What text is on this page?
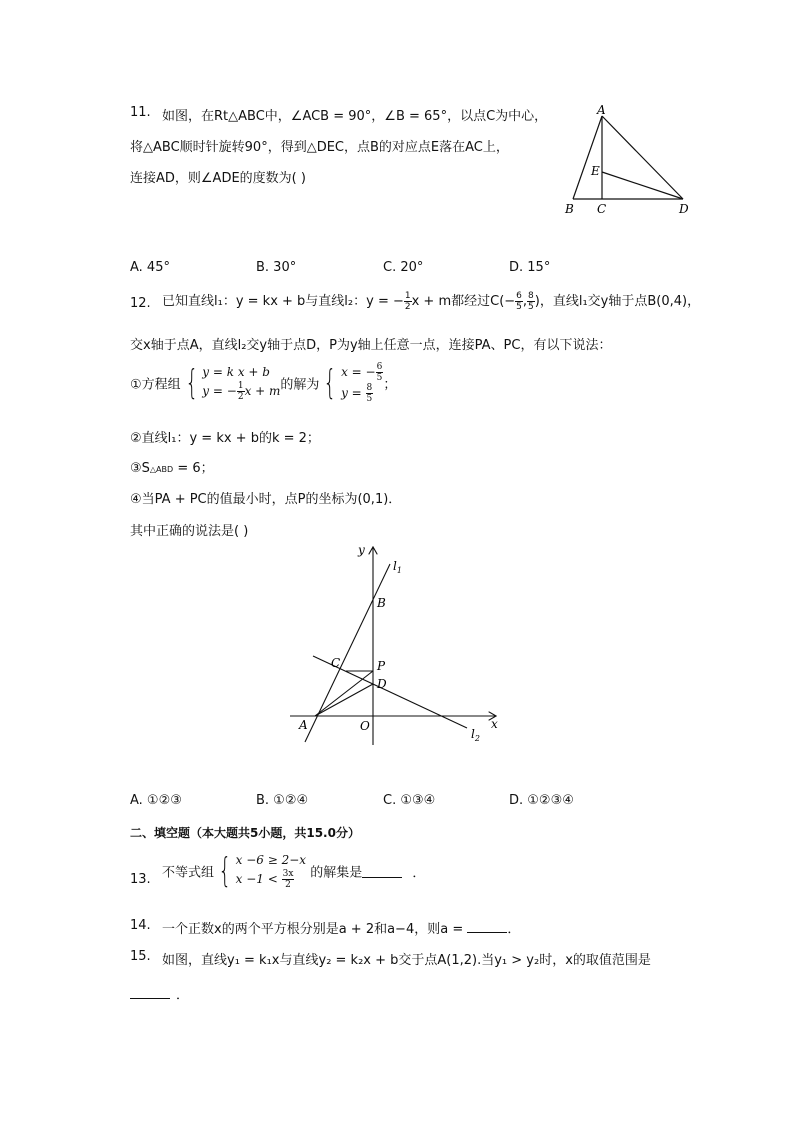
11. 如图，在Rt△ABC中，∠ACB = 90°，∠B = 65°，以点C为中心，
将△ABC顺时针旋转90°，得到△DEC，点B的对应点E落在AC上，
连接AD，则∠ADE的度数为( )
A
E
B C	D
A. 45°	B. 30°	C. 20°	D. 15°
12. 已知直线l₁：y = kx + b与直线l₂：y = − $\frac{1}{2}$ x + m都经过$C(- \frac{6}{5}$ , $\frac{8}{5}$ )，直线l₁交y轴于点B(0,4)，
交x轴于点A，直线l₂交y轴于点D，P为y轴上任意一点，连接PA、PC，有以下说法：
①方程组 { y = k x + b
y = − $\frac{1}{2}$ x + m 的解为 { x = − $\frac{6}{5}$
$y = \frac{8}{5}$ ；
②直线l₁：y = kx + b的k = 2；
③S△ABD = 6；
④当PA + PC的值最小时，点P的坐标为(0,1)．
其中正确的说法是( )
y
$l_1$
B
C	P
D
A	O	x
$l_2$
A. ①②③	B. ①②④	C. ①③④	D. ①②③④
二、填空题（本大题共5小题，共15.0分）
13. 不等式组 { x −6 ≥ 2−x
$x -1 < \frac{3x}{2}$ 的解集是	．
14. 一个正数x的两个平方根分别是a + 2和a−4，则a =	．
15. 如图，直线y₁ = k₁x与直线y₂ = k₂x + b交于点A(1,2).当y₁ > y₂时，x的取值范围是
．
